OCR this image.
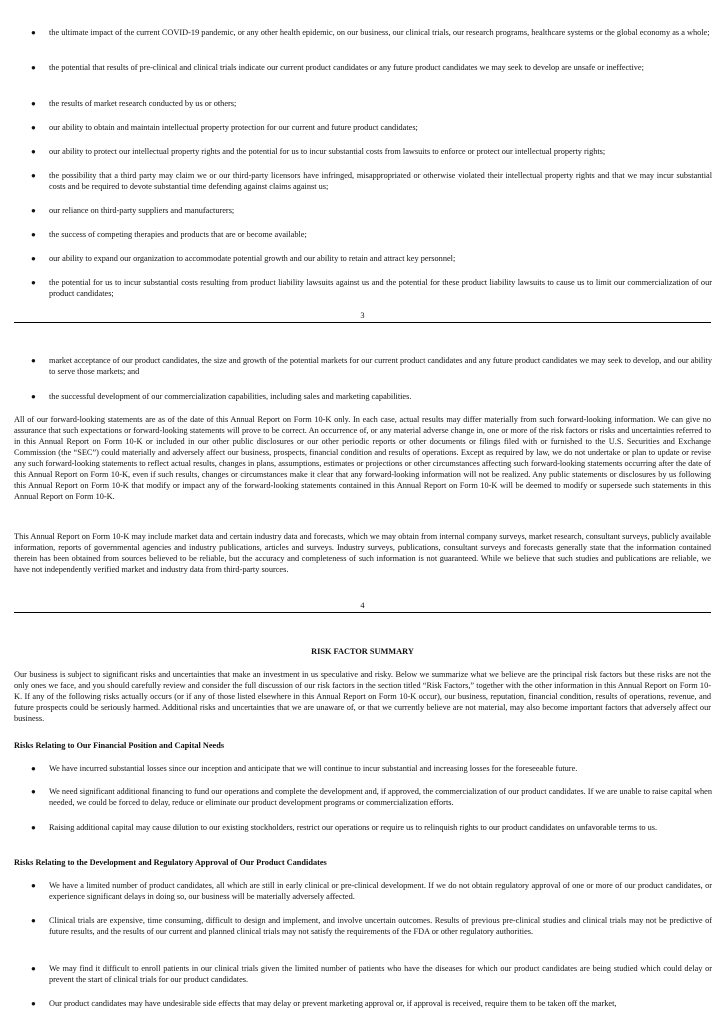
● the ultimate impact of the current COVID-19 pandemic, or any other health epidemic, on our business, our clinical trials, our research programs, healthcare systems or the global economy as a whole;
● the potential that results of pre-clinical and clinical trials indicate our current product candidates or any future product candidates we may seek to develop are unsafe or ineffective;
● the results of market research conducted by us or others;
● our ability to obtain and maintain intellectual property protection for our current and future product candidates;
● our ability to protect our intellectual property rights and the potential for us to incur substantial costs from lawsuits to enforce or protect our intellectual property rights;
● the possibility that a third party may claim we or our third-party licensors have infringed, misappropriated or otherwise violated their intellectual property rights and that we may incur substantial costs and be required to devote substantial time defending against claims against us;
● our reliance on third-party suppliers and manufacturers;
● the success of competing therapies and products that are or become available;
● our ability to expand our organization to accommodate potential growth and our ability to retain and attract key personnel;
● the potential for us to incur substantial costs resulting from product liability lawsuits against us and the potential for these product liability lawsuits to cause us to limit our commercialization of our product candidates;
3
● market acceptance of our product candidates, the size and growth of the potential markets for our current product candidates and any future product candidates we may seek to develop, and our ability to serve those markets; and
● the successful development of our commercialization capabilities, including sales and marketing capabilities.
All of our forward-looking statements are as of the date of this Annual Report on Form 10-K only. In each case, actual results may differ materially from such forward-looking information. We can give no assurance that such expectations or forward-looking statements will prove to be correct. An occurrence of, or any material adverse change in, one or more of the risk factors or risks and uncertainties referred to in this Annual Report on Form 10-K or included in our other public disclosures or our other periodic reports or other documents or filings filed with or furnished to the U.S. Securities and Exchange Commission (the “SEC”) could materially and adversely affect our business, prospects, financial condition and results of operations. Except as required by law, we do not undertake or plan to update or revise any such forward-looking statements to reflect actual results, changes in plans, assumptions, estimates or projections or other circumstances affecting such forward-looking statements occurring after the date of this Annual Report on Form 10-K, even if such results, changes or circumstances make it clear that any forward-looking information will not be realized. Any public statements or disclosures by us following this Annual Report on Form 10-K that modify or impact any of the forward-looking statements contained in this Annual Report on Form 10-K will be deemed to modify or supersede such statements in this Annual Report on Form 10-K.
This Annual Report on Form 10-K may include market data and certain industry data and forecasts, which we may obtain from internal company surveys, market research, consultant surveys, publicly available information, reports of governmental agencies and industry publications, articles and surveys. Industry surveys, publications, consultant surveys and forecasts generally state that the information contained therein has been obtained from sources believed to be reliable, but the accuracy and completeness of such information is not guaranteed. While we believe that such studies and publications are reliable, we have not independently verified market and industry data from third-party sources.
4
RISK FACTOR SUMMARY
Our business is subject to significant risks and uncertainties that make an investment in us speculative and risky. Below we summarize what we believe are the principal risk factors but these risks are not the only ones we face, and you should carefully review and consider the full discussion of our risk factors in the section titled “Risk Factors,” together with the other information in this Annual Report on Form 10-K. If any of the following risks actually occurs (or if any of those listed elsewhere in this Annual Report on Form 10-K occur), our business, reputation, financial condition, results of operations, revenue, and future prospects could be seriously harmed. Additional risks and uncertainties that we are unaware of, or that we currently believe are not material, may also become important factors that adversely affect our business.
Risks Relating to Our Financial Position and Capital Needs
● We have incurred substantial losses since our inception and anticipate that we will continue to incur substantial and increasing losses for the foreseeable future.
● We need significant additional financing to fund our operations and complete the development and, if approved, the commercialization of our product candidates. If we are unable to raise capital when needed, we could be forced to delay, reduce or eliminate our product development programs or commercialization efforts.
● Raising additional capital may cause dilution to our existing stockholders, restrict our operations or require us to relinquish rights to our product candidates on unfavorable terms to us.
Risks Relating to the Development and Regulatory Approval of Our Product Candidates
● We have a limited number of product candidates, all which are still in early clinical or pre-clinical development. If we do not obtain regulatory approval of one or more of our product candidates, or experience significant delays in doing so, our business will be materially adversely affected.
● Clinical trials are expensive, time consuming, difficult to design and implement, and involve uncertain outcomes. Results of previous pre-clinical studies and clinical trials may not be predictive of future results, and the results of our current and planned clinical trials may not satisfy the requirements of the FDA or other regulatory authorities.
● We may find it difficult to enroll patients in our clinical trials given the limited number of patients who have the diseases for which our product candidates are being studied which could delay or prevent the start of clinical trials for our product candidates.
● Our product candidates may have undesirable side effects that may delay or prevent marketing approval or, if approval is received, require them to be taken off the market,
